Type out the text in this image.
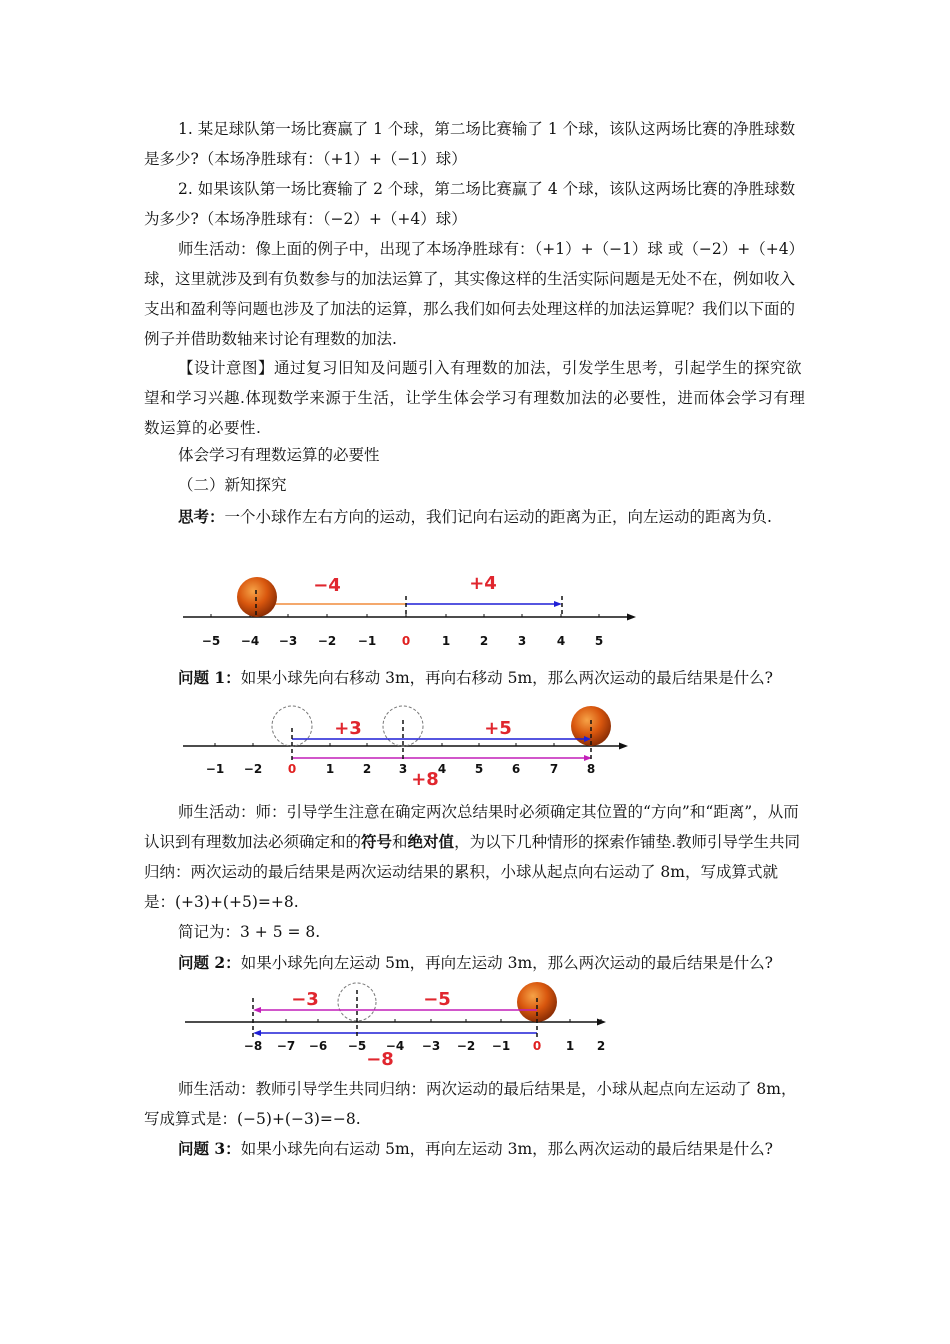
1. 某足球队第一场比赛赢了 1 个球，第二场比赛输了 1 个球，该队这两场比赛的净胜球数是多少?（本场净胜球有：（+1）+（−1）球）

2. 如果该队第一场比赛输了 2 个球，第二场比赛赢了 4 个球，该队这两场比赛的净胜球数为多少?（本场净胜球有：（−2）+（+4）球）

师生活动：像上面的例子中，出现了本场净胜球有：（+1）+（−1）球 或（−2）+（+4）球，这里就涉及到有负数参与的加法运算了，其实像这样的生活实际问题是无处不在，例如收入支出和盈利等问题也涉及了加法的运算，那么我们如何去处理这样的加法运算呢？我们以下面的例子并借助数轴来讨论有理数的加法.

【设计意图】通过复习旧知及问题引入有理数的加法，引发学生思考，引起学生的探究欲望和学习兴趣.体现数学来源于生活，让学生体会学习有理数加法的必要性，进而体会学习有理数运算的必要性.

体会学习有理数运算的必要性

（二）新知探究

思考：一个小球作左右方向的运动，我们记向右运动的距离为正，向左运动的距离为负.

−4	+4
−5 −4 −3 −2 −1 0	1 2 3	4 5

问题 1：如果小球先向右移动 3m，再向右移动 5m，那么两次运动的最后结果是什么?

+3	+5
+8
−1 −2 0 1 2 3	4 5 6 7 8

师生活动：师：引导学生注意在确定两次总结果时必须确定其位置的“方向”和“距离”，从而认识到有理数加法必须确定和的符号和绝对值，为以下几种情形的探索作铺垫.教师引导学生共同归纳：两次运动的最后结果是两次运动结果的累积，小球从起点向右运动了 8m，写成算式就是：(+3)+(+5)=+8.

简记为：3 + 5 = 8.

问题 2：如果小球先向左运动 5m，再向左运动 3m，那么两次运动的最后结果是什么?

−3	−5
−8
−8 −7 −6 −5 −4 −3 −2 −1 0 1 2

师生活动：教师引导学生共同归纳：两次运动的最后结果是，小球从起点向左运动了 8m，写成算式是：(−5)+(−3)=−8.

问题 3：如果小球先向右运动 5m，再向左运动 3m，那么两次运动的最后结果是什么?
